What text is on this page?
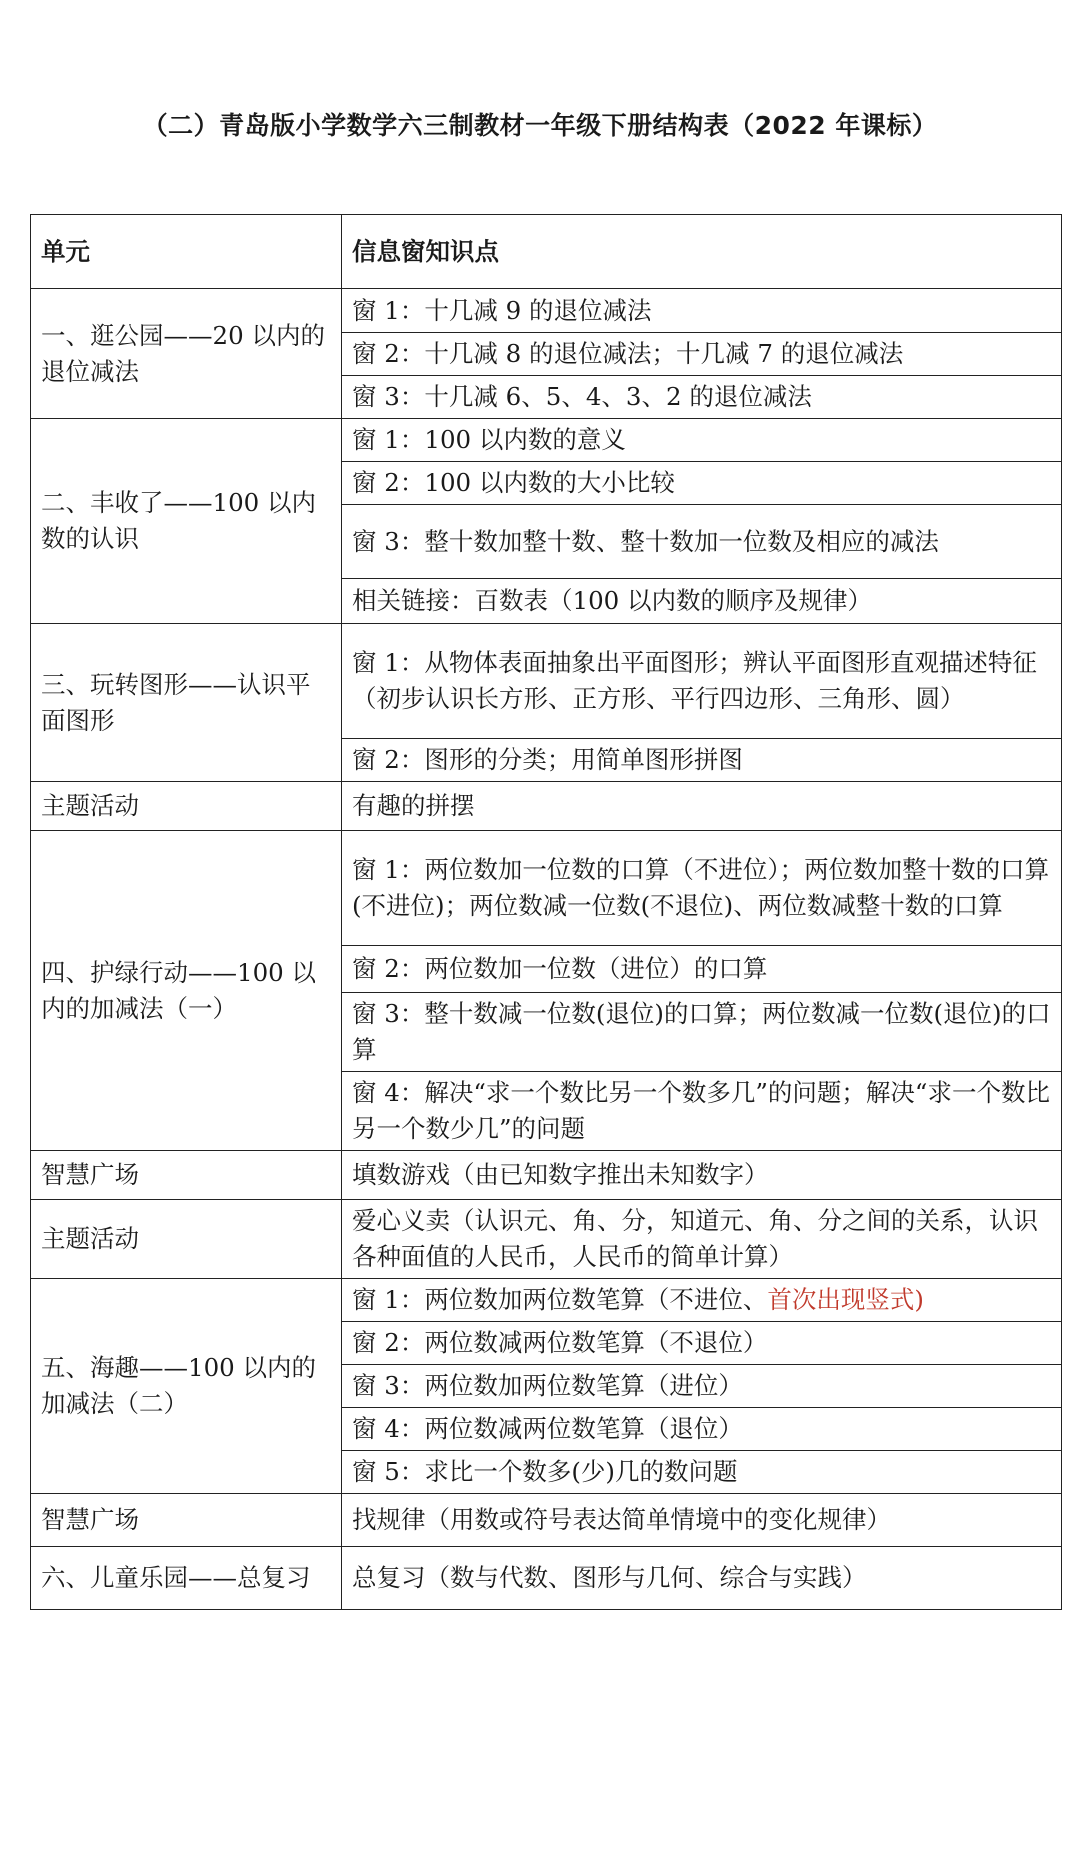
（二）青岛版小学数学六三制教材一年级下册结构表（2022 年课标）
单元	信息窗知识点
一、逛公园——20 以内的退位减法	窗 1：十几减 9 的退位减法
	窗 2：十几减 8 的退位减法；十几减 7 的退位减法
	窗 3：十几减 6、5、4、3、2 的退位减法
二、丰收了——100 以内数的认识	窗 1：100 以内数的意义
	窗 2：100 以内数的大小比较
	窗 3：整十数加整十数、整十数加一位数及相应的减法
	相关链接：百数表（100 以内数的顺序及规律）
三、玩转图形——认识平面图形	窗 1：从物体表面抽象出平面图形；辨认平面图形直观描述特征（初步认识长方形、正方形、平行四边形、三角形、圆）
	窗 2：图形的分类；用简单图形拼图
主题活动	有趣的拼摆
四、护绿行动——100 以内的加减法（一）	窗 1：两位数加一位数的口算（不进位）；两位数加整十数的口算(不进位)；两位数减一位数(不退位)、两位数减整十数的口算
	窗 2：两位数加一位数（进位）的口算
	窗 3：整十数减一位数(退位)的口算；两位数减一位数(退位)的口算
	窗 4：解决“求一个数比另一个数多几”的问题；解决“求一个数比另一个数少几”的问题
智慧广场	填数游戏（由已知数字推出未知数字）
主题活动	爱心义卖（认识元、角、分，知道元、角、分之间的关系，认识各种面值的人民币，人民币的简单计算）
五、海趣——100 以内的加减法（二）	窗 1：两位数加两位数笔算（不进位、首次出现竖式)
	窗 2：两位数减两位数笔算（不退位）
	窗 3：两位数加两位数笔算（进位）
	窗 4：两位数减两位数笔算（退位）
	窗 5：求比一个数多(少)几的数问题
智慧广场	找规律（用数或符号表达简单情境中的变化规律）
六、儿童乐园——总复习	总复习（数与代数、图形与几何、综合与实践）
